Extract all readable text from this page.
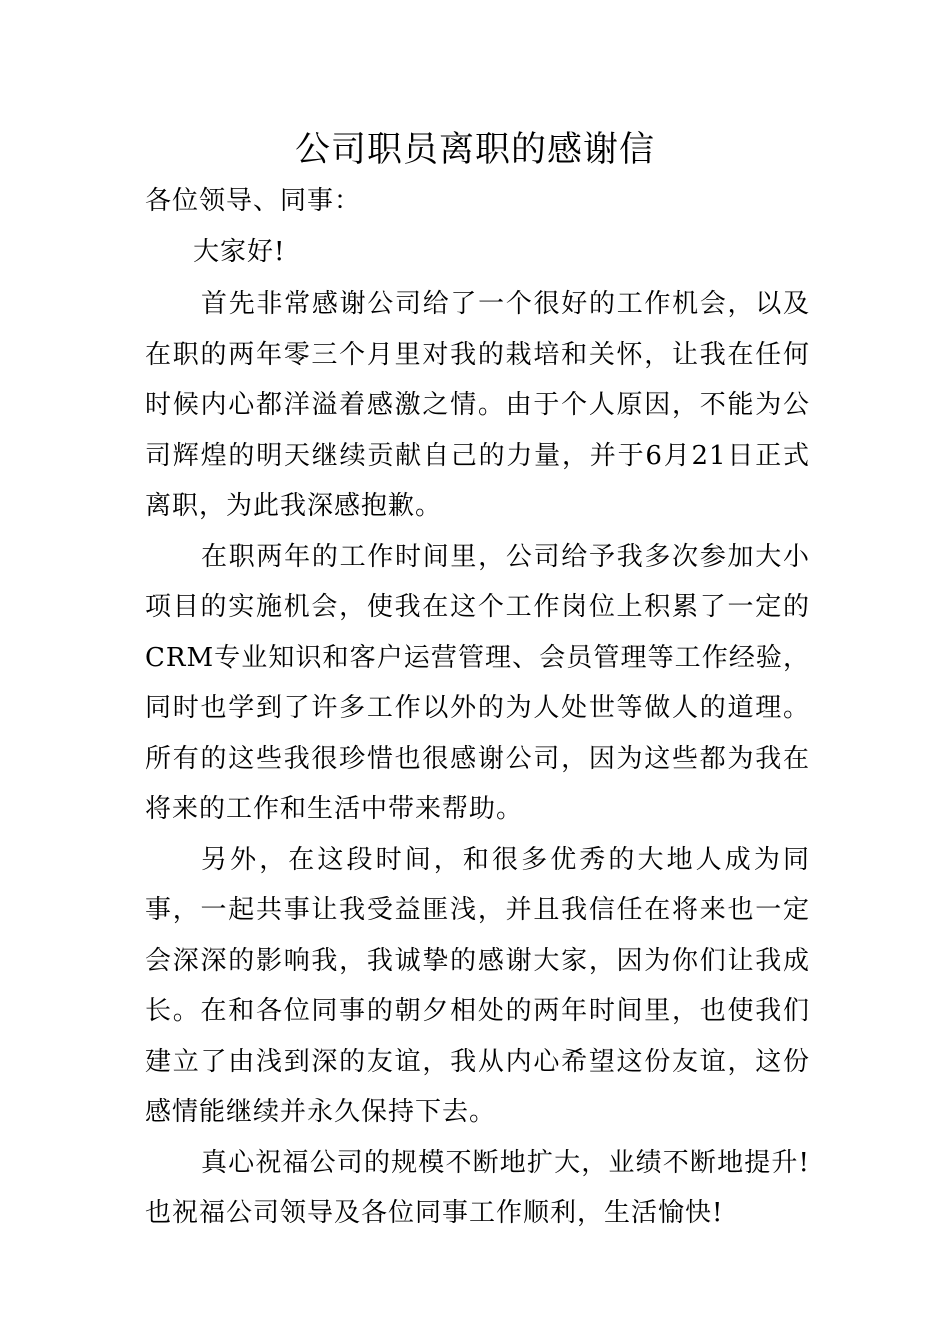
公司职员离职的感谢信

各位领导、同事：

大家好!

首先非常感谢公司给了一个很好的工作机会，以及在职的两年零三个月里对我的栽培和关怀，让我在任何时候内心都洋溢着感激之情。由于个人原因，不能为公司辉煌的明天继续贡献自己的力量，并于6月21日正式离职，为此我深感抱歉。

在职两年的工作时间里，公司给予我多次参加大小项目的实施机会，使我在这个工作岗位上积累了一定的CRM专业知识和客户运营管理、会员管理等工作经验，同时也学到了许多工作以外的为人处世等做人的道理。所有的这些我很珍惜也很感谢公司，因为这些都为我在将来的工作和生活中带来帮助。

另外，在这段时间，和很多优秀的大地人成为同事，一起共事让我受益匪浅，并且我信任在将来也一定会深深的影响我，我诚挚的感谢大家，因为你们让我成长。在和各位同事的朝夕相处的两年时间里，也使我们建立了由浅到深的友谊，我从内心希望这份友谊，这份感情能继续并永久保持下去。

真心祝福公司的规模不断地扩大，业绩不断地提升!也祝福公司领导及各位同事工作顺利，生活愉快!
